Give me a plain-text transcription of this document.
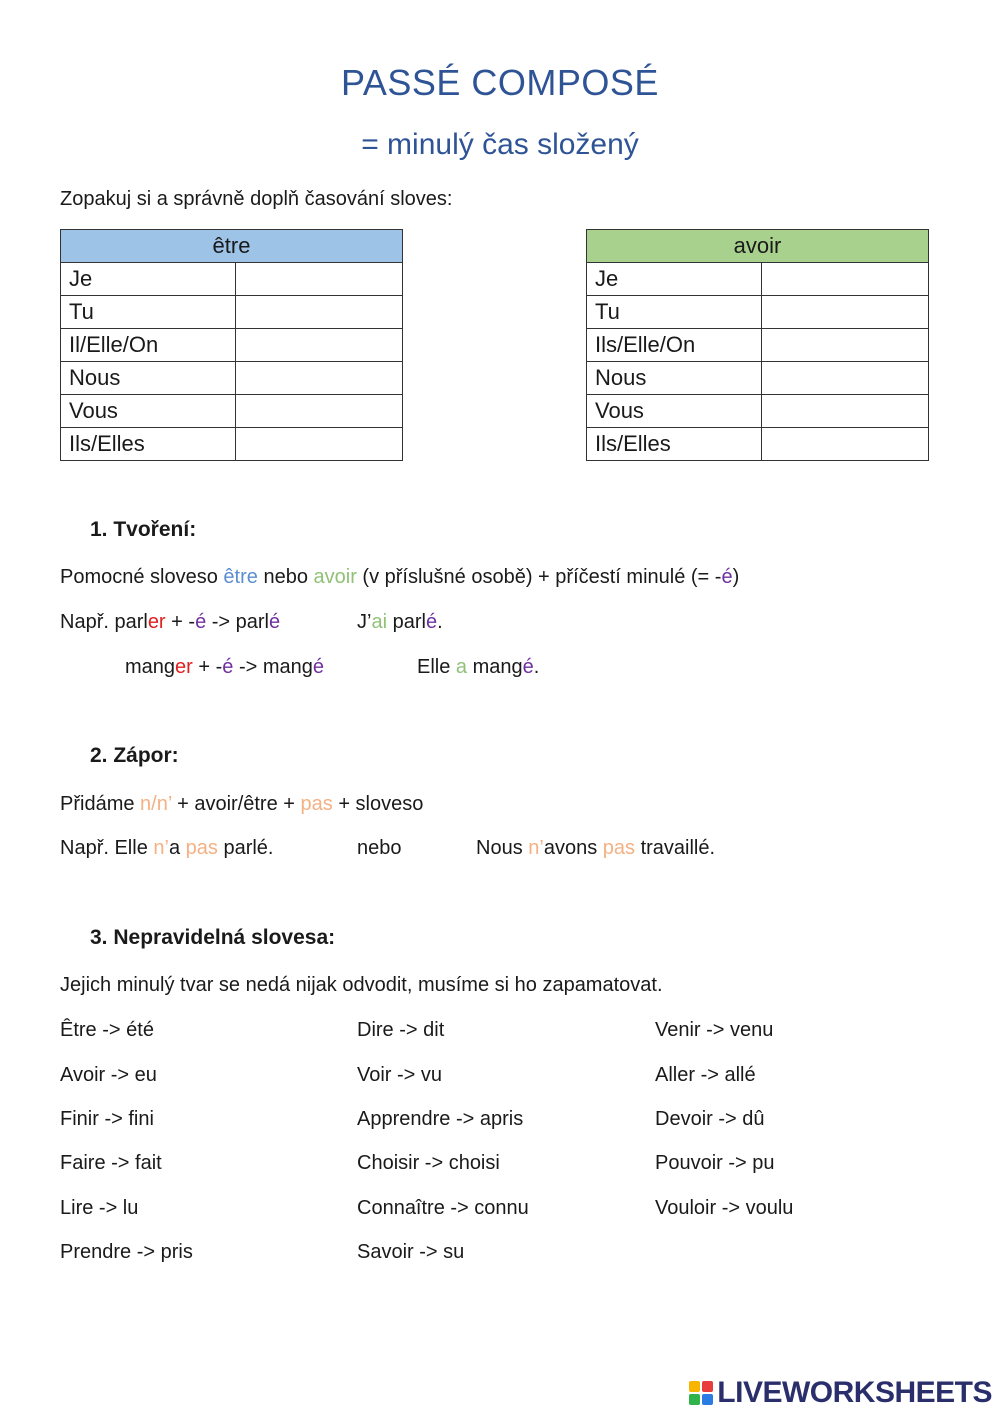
PASSÉ COMPOSÉ
= minulý čas složený
Zopakuj si a správně doplň časování sloves:
être	
Je	
Tu	
Il/Elle/On	
Nous	
Vous	
Ils/Elles	
avoir	
Je	
Tu	
Ils/Elle/On	
Nous	
Vous	
Ils/Elles	
1. Tvoření:
Pomocné sloveso être nebo avoir (v příslušné osobě) + příčestí minulé (= -é)
Např. parler + -é -> parlé	J’ai parlé.
manger + -é -> mangé	Elle a mangé.
2. Zápor:
Přidáme n/n’ + avoir/être + pas + sloveso
Např. Elle n’a pas parlé.	nebo	Nous n’avons pas travaillé.
3. Nepravidelná slovesa:
Jejich minulý tvar se nedá nijak odvodit, musíme si ho zapamatovat.
Être -> été
Avoir -> eu
Finir -> fini
Faire -> fait
Lire -> lu
Prendre -> pris
Dire -> dit
Voir -> vu
Apprendre -> apris
Choisir -> choisi
Connaître -> connu
Savoir -> su
Venir -> venu
Aller -> allé
Devoir -> dû
Pouvoir -> pu
Vouloir -> voulu
LIVEWORKSHEETS
